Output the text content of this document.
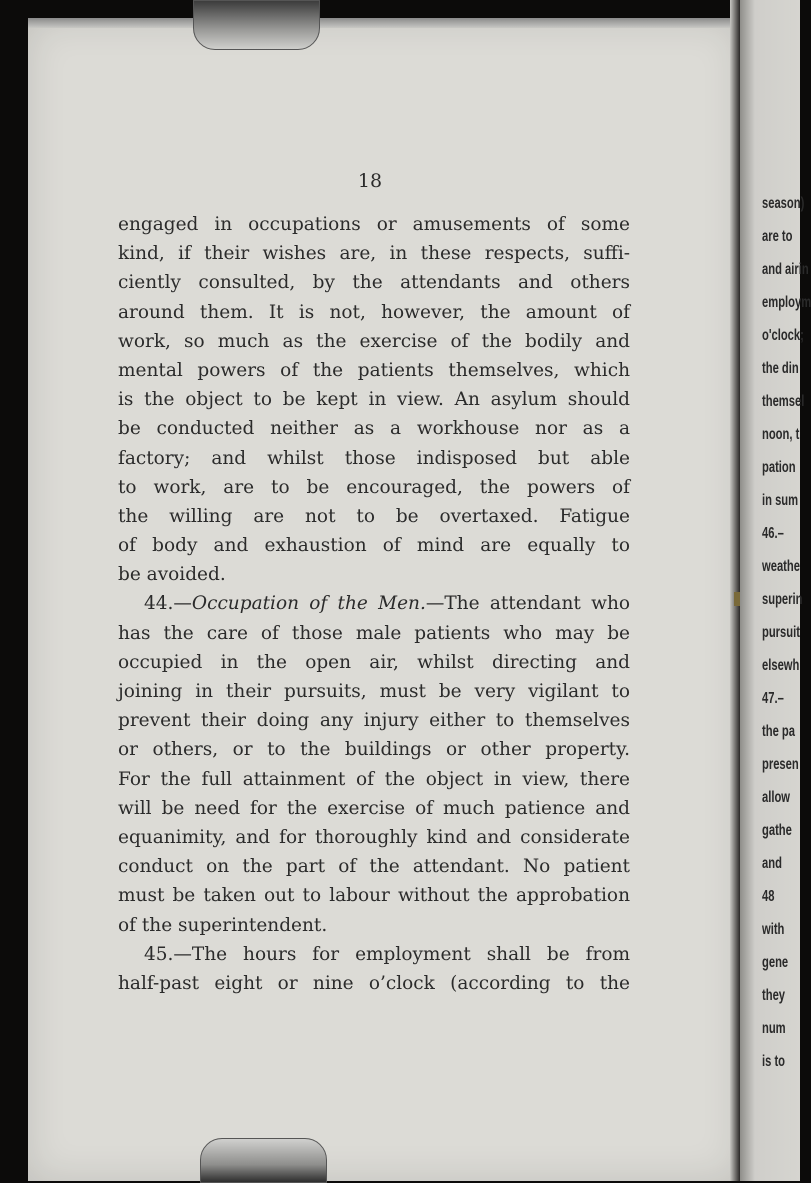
season)
are to
and airin
employm
o'clock;
the din
themsel
noon, t
pation
in sum
46.–
weathe
superin
pursuit
elsewh
47.–
the pa
presen
allow
gathe
and
48
with
gene
they
num
is to
18
engaged in occupations or amusements of some
kind, if their wishes are, in these respects, suffi-
ciently consulted, by the attendants and others
around them. It is not, however, the amount of
work, so much as the exercise of the bodily and
mental powers of the patients themselves, which
is the object to be kept in view. An asylum should
be conducted neither as a workhouse nor as a
factory; and whilst those indisposed but able
to work, are to be encouraged, the powers of
the willing are not to be overtaxed. Fatigue
of body and exhaustion of mind are equally to
be avoided.
44.—Occupation of the Men.—The attendant who
has the care of those male patients who may be
occupied in the open air, whilst directing and
joining in their pursuits, must be very vigilant to
prevent their doing any injury either to themselves
or others, or to the buildings or other property.
For the full attainment of the object in view, there
will be need for the exercise of much patience and
equanimity, and for thoroughly kind and considerate
conduct on the part of the attendant. No patient
must be taken out to labour without the approbation
of the superintendent.
45.—The hours for employment shall be from
half-past eight or nine o’clock (according to the
